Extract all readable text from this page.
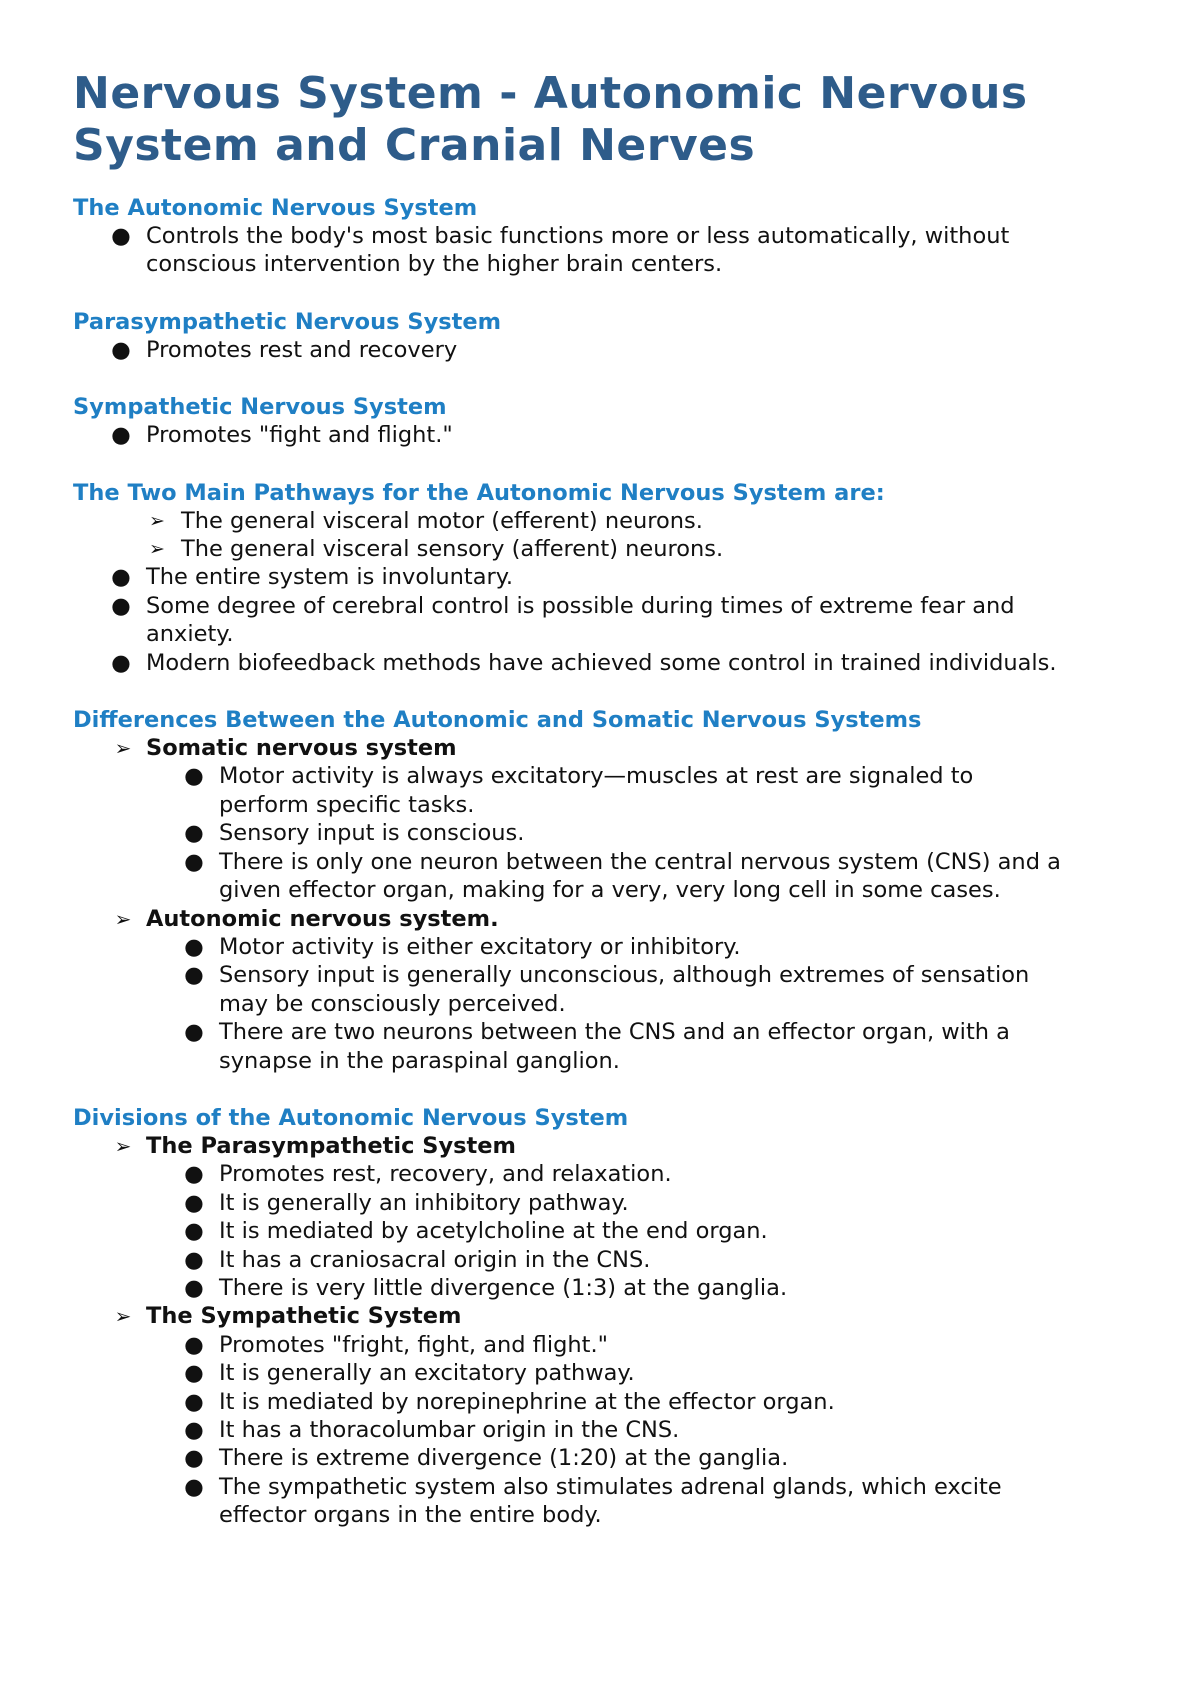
Nervous System - Autonomic Nervous
System and Cranial Nerves
The Autonomic Nervous System
● Controls the body's most basic functions more or less automatically, without
conscious intervention by the higher brain centers.
Parasympathetic Nervous System
● Promotes rest and recovery
Sympathetic Nervous System
● Promotes "fight and flight."
The Two Main Pathways for the Autonomic Nervous System are:
➢ The general visceral motor (efferent) neurons.
➢ The general visceral sensory (afferent) neurons.
● The entire system is involuntary.
● Some degree of cerebral control is possible during times of extreme fear and
anxiety.
● Modern biofeedback methods have achieved some control in trained individuals.
Differences Between the Autonomic and Somatic Nervous Systems
➢ Somatic nervous system
● Motor activity is always excitatory—muscles at rest are signaled to
perform specific tasks.
● Sensory input is conscious.
● There is only one neuron between the central nervous system (CNS) and a
given effector organ, making for a very, very long cell in some cases.
➢ Autonomic nervous system.
● Motor activity is either excitatory or inhibitory.
● Sensory input is generally unconscious, although extremes of sensation
may be consciously perceived.
● There are two neurons between the CNS and an effector organ, with a
synapse in the paraspinal ganglion.
Divisions of the Autonomic Nervous System
➢ The Parasympathetic System
● Promotes rest, recovery, and relaxation.
● It is generally an inhibitory pathway.
● It is mediated by acetylcholine at the end organ.
● It has a craniosacral origin in the CNS.
● There is very little divergence (1:3) at the ganglia.
➢ The Sympathetic System
● Promotes "fright, fight, and flight."
● It is generally an excitatory pathway.
● It is mediated by norepinephrine at the effector organ.
● It has a thoracolumbar origin in the CNS.
● There is extreme divergence (1:20) at the ganglia.
● The sympathetic system also stimulates adrenal glands, which excite
effector organs in the entire body.
